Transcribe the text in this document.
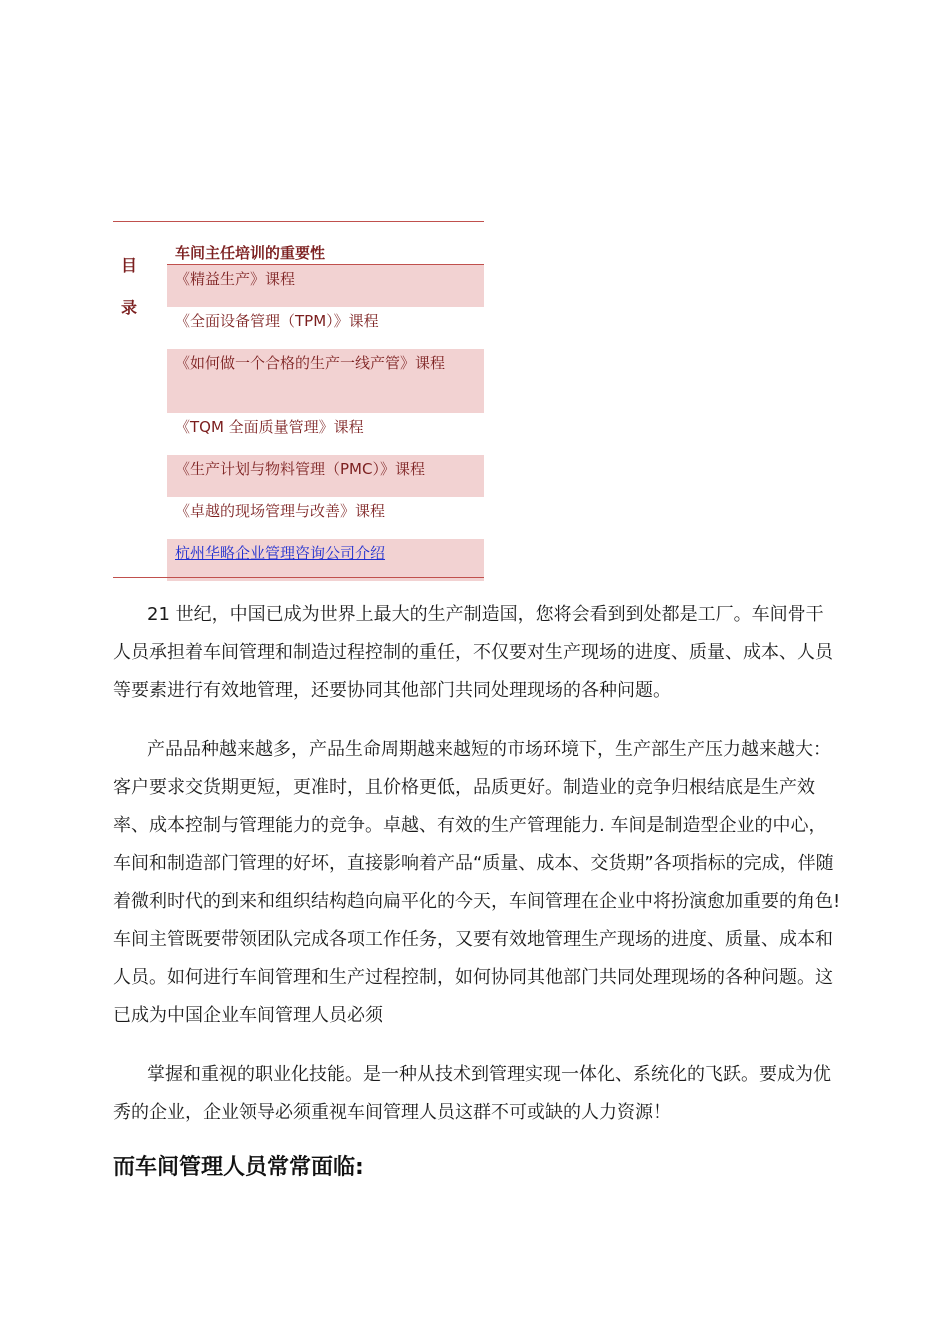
目
录
车间主任培训的重要性
《精益生产》课程
《全面设备管理（TPM）》课程
《如何做一个合格的生产一线产管》课程
《TQM 全面质量管理》课程
《生产计划与物料管理（PMC）》课程
《卓越的现场管理与改善》课程
杭州华略企业管理咨询公司介绍

21 世纪，中国已成为世界上最大的生产制造国，您将会看到到处都是工厂。车间骨干人员承担着车间管理和制造过程控制的重任，不仅要对生产现场的进度、质量、成本、人员等要素进行有效地管理，还要协同其他部门共同处理现场的各种问题。

产品品种越来越多，产品生命周期越来越短的市场环境下，生产部生产压力越来越大：客户要求交货期更短，更准时，且价格更低，品质更好。制造业的竞争归根结底是生产效率、成本控制与管理能力的竞争。卓越、有效的生产管理能力. 车间是制造型企业的中心，车间和制造部门管理的好坏，直接影响着产品“质量、成本、交货期”各项指标的完成，伴随着微利时代的到来和组织结构趋向扁平化的今天，车间管理在企业中将扮演愈加重要的角色!车间主管既要带领团队完成各项工作任务，又要有效地管理生产现场的进度、质量、成本和人员。如何进行车间管理和生产过程控制，如何协同其他部门共同处理现场的各种问题。这已成为中国企业车间管理人员必须

掌握和重视的职业化技能。是一种从技术到管理实现一体化、系统化的飞跃。要成为优秀的企业，企业领导必须重视车间管理人员这群不可或缺的人力资源！

而车间管理人员常常面临:
